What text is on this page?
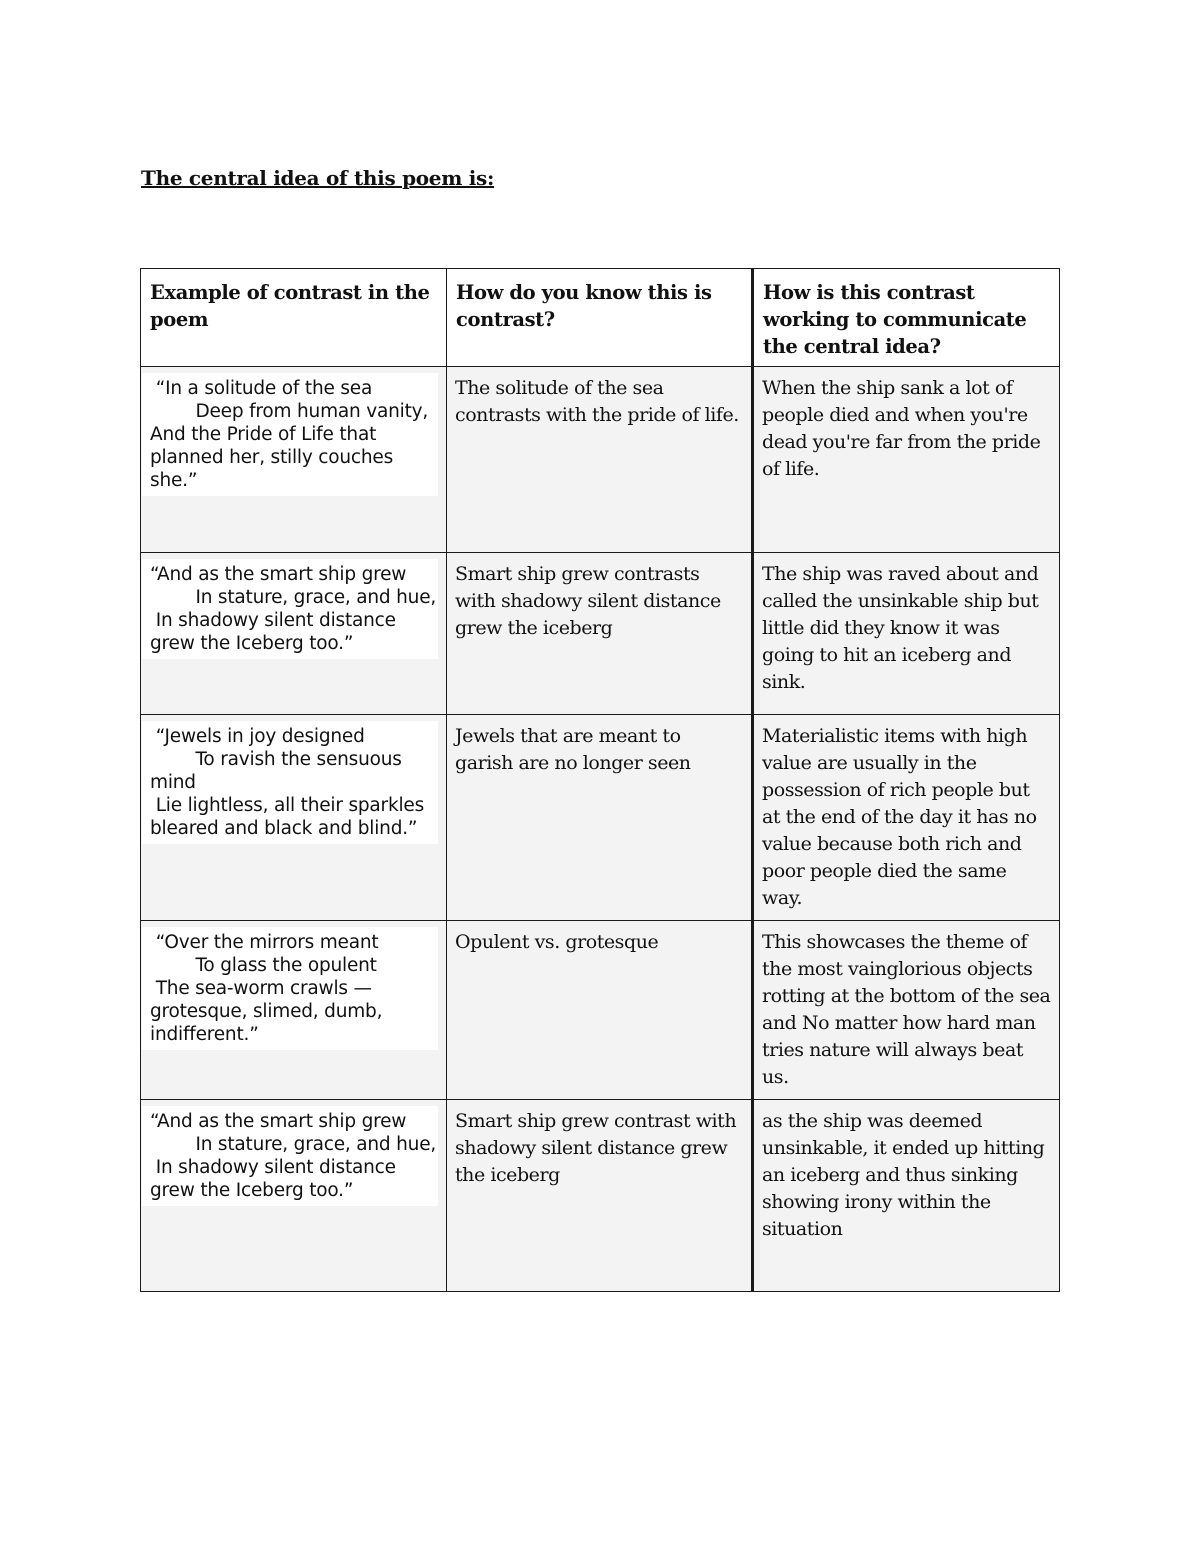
The central idea of this poem is:
Example of contrast in the poem	How do you know this is contrast?	How is this contrast working to communicate the central idea?

“In a solitude of the sea
Deep from human vanity,
And the Pride of Life that planned her, stilly couches she.”	The solitude of the sea contrasts with the pride of life.	When the ship sank a lot of people died and when you're dead you're far from the pride of life.

“And as the smart ship grew
In stature, grace, and hue,
In shadowy silent distance grew the Iceberg too.”	Smart ship grew contrasts with shadowy silent distance grew the iceberg	The ship was raved about and called the unsinkable ship but little did they know it was going to hit an iceberg and sink.

“Jewels in joy designed
To ravish the sensuous mind
Lie lightless, all their sparkles bleared and black and blind.”	Jewels that are meant to garish are no longer seen	Materialistic items with high value are usually in the possession of rich people but at the end of the day it has no value because both rich and poor people died the same way.

“Over the mirrors meant
To glass the opulent
The sea-worm crawls — grotesque, slimed, dumb, indifferent.”	Opulent vs. grotesque	This showcases the theme of the most vainglorious objects rotting at the bottom of the sea and No matter how hard man tries nature will always beat us.

“And as the smart ship grew
In stature, grace, and hue,
In shadowy silent distance grew the Iceberg too.”	Smart ship grew contrast with shadowy silent distance grew the iceberg	as the ship was deemed unsinkable, it ended up hitting an iceberg and thus sinking showing irony within the situation
